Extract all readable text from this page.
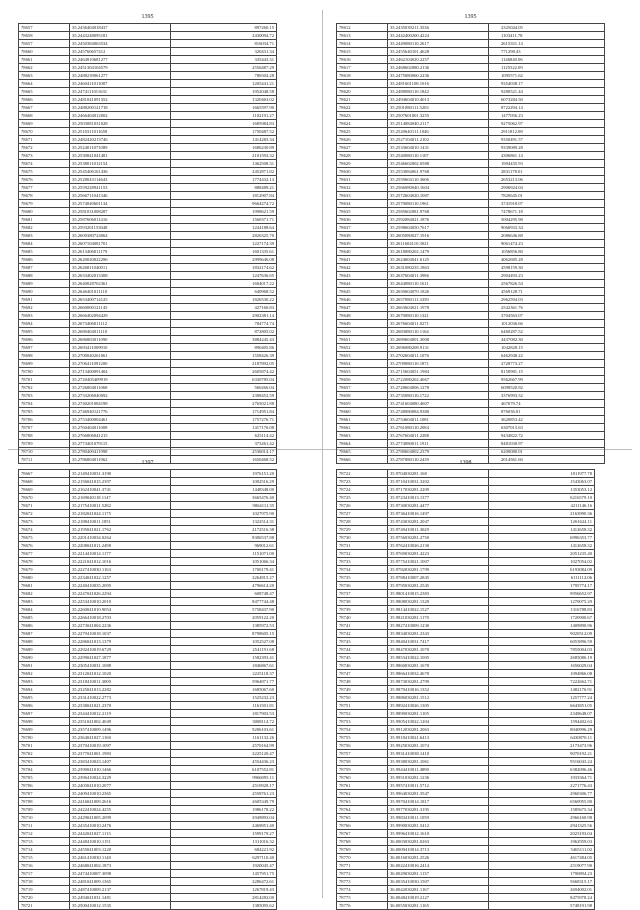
1395
78657	35.2436404018437	897260.15
78658	35.2443248095181	2430094.72
78657	35.2450384063534	816034.71
78660	35.245760657412	320431.34
78661	35.2464910681277	335443.31
78662	35.2451304104579	2556487.29
78663	35.2488239061277	786504.28
78664	35.2460411011087	1205441.21
78665	35.2474111011631	1952048.58
78666	35.2481041091352	1320463.02
78667	35.2488200121718	1665597.90
78668	35.2466404012002	1102191.27
78669	35.2503081031028	1685984.83
78670	35.2510311011658	1750487.52
78671	35.2482420213746	1414283.34
78672	35.2524011071089	1686230.89
78673	35.2530841041481	2101593.32
78674	35.2538011012154	1462508.31
78675	35.2545406161436	2452871.82
78676	35.2528043114643	1774432.13
78677	35.2559228941153	888489.21
78678	35.2566711041346	1812907.84
78679	35.2574040601134	9664274.72
78680	35.2581031008287	1998621.59
78681	35.2587606011416	1560371.71
78682	35.2593201153048	1244188.64
78683	35.2600380724064	2826325.70
78684	35.2607104081701	1227174.39
78685	35.2613406011179	1601335.61
78686	35.2620020022296	2999646.08
78687	35.2626811040011	1832174.62
78688	35.2633402013308	1247636.65
78689	35.2640028702361	1604017.22
78690	35.2646401011110	640968.52
78691	35.2653400714125	1826530.22
78692	35.2660000121145	427166.83
78693	35.2666402094429	2902381.14
78694	35.2673406011112	784774.74
78695	35.2680404011110	872805.02
78696	35.2686803011090	3884245.43
78697	35.2693411009910	890405.86
78698	35.2700040261061	1558426.39
78699	35.2706411091200	2187892.05
78700	35.2713400091404	2605874.42
78701	35.2720405409919	6330785.04
78702	35.2726804011068	560266.04
78703	35.2733206040092	2398452.59
78704	35.2740201084198	2765021.88
78705	35.2746940121776	1714951.84
78706	35.2753400004461	1757276.71
78707	35.2760404011008	1417176.08
78708	35.2766806041215	625114.42
78709	35.2773401079115	373261.42
78710	35.2780400411998	2536014.17
78711	35.2786804011962	1650468.52
1395
78612	35.2435039211.3536	2325044.05
78613	35.2442400200.4224	1103411.78
78614	35.2449080110.2617	2615351.14
78615	35.2455640101.4628	771298.43
78616	35.2462104020.2257	1146840.06
78617	35.2468602080.2136	1125522.09
78618	35.2475080060.2236	1095571.62
78619	35.2481601108.1016	9354038.17
78620	35.2488080110.1842	9280521.44
78621	35.2494604010.4013	6073284.50
78622	35.2501080111.5203	8722294.14
78623	35.2507601001.3255	1477056.23
78624	35.2514084040.2117	9275062.97
78625	35.2520640111.1046	2911812.08
78626	35.2527104011.2102	9350491.57
78627	35.2533604010.1431	9339089.28
78628	35.2540080110.1107	4306861.14
78629	35.2546602002.0588	1994435.93
78630	35.2553084061.9768	2831178.01
78631	35.2559604110.3606	2653213.06
78632	35.2566080040.1604	2906924.04
78633	35.2572604020.1087	7820645.01
78634	35.2579080110.1961	3741918.07
78635	35.2585602081.9768	7478671.18
78636	35.2592084021.1876	5004295.98
78637	35.2598604050.7617	9066933.34
78638	35.2605080027.1916	2086646.88
78639	35.2611604110.3021	9061474.23
78640	35.2618080202.1479	1056856.80
78641	35.2624604041.6125	4062685.28
78642	35.2631080235.1863	4598159.30
78643	35.2637604011.3986	2904493.23
78644	35.2644080110.1611	2567826.54
78645	35.2650604070.1826	4569128.71
78646	35.2657080111.3359	2962594.03
78647	35.2663604021.1978	2542361.76
78648	35.2670080110.1321	3704563.07
78649	35.2676604011.0271	1012036.66
78650	35.2683080110.1164	6460287.52
78651	35.2689604001.3008	4437082.30
78652	35.2696080208.9131	1042828.15
78653	35.2702604011.1076	6462948.22
78654	35.2709080110.1871	2728773.27
78655	35.2715604051.1984	8150981.15
78656	35.2722080202.4667	9562667.99
78657	35.2728604006.1278	6098520.92
78658	35.2735080110.1722	3376993.52
78659	35.2741604080.4607	467079.74
78660	35.2748080084.9380	876036.01
78661	35.2754604011.1081	3620853.42
78662	35.2761080110.2084	6307013.63
78663	35.2767604011.2288	9434822.72
78664	35.2774080011.1911	8481030.97
78665	35.2780604002.2379	6200080.01
78666	35.2787080110.2439	2014561.60
1397
78667	35.2149410031.3190	1976151.20
78668	35.2156041015.2397	1002516.29
78669	35.2162410041.3741	1448348.00
78670	35.2169040118.1147	3665476.40
78671	35.2175410011.5282	9064111.35
78672	35.2182041024.1175	1027975.90
78673	35.2188410011.1851	1322514.31
78674	35.2195041021.1762	2172516.38
78675	35.2201410034.0264	8306537.88
78676	35.2208041011.2498	969012.61
78677	35.2214410014.1177	1151071.00
78678	35.2221041012.1016	1051066.34
78679	35.2227410030.1163	1700179.41
78680	35.2234041022.1257	2264815.27
78681	35.2240410035.2095	4796614.20
78682	35.2247041026.2294	608748.47
78683	35.2253410010.2010	8477744.48
78684	35.2260041010.9054	5758437.90
78685	35.2266410018.2703	2059122.20
78686	35.2273041004.2236	1385972.53
78687	35.2279410018.1037	8798605.15
78688	35.2286041013.1379	1052527.08
78689	35.2292410019.6729	2541191.68
78690	35.2299041027.1877	1582393.41
78691	35.2305410031.1088	1846867.61
78692	35.2312041012.1020	2225118.37
78693	35.2318410011.3000	5964871.77
78694	35.2325041013.2282	1685067.60
78695	35.2331410022.2773	1525232.23
78696	35.2338041021.2370	1161501.81
78697	35.2344410012.2119	1817903.53
78698	35.2351041002.4049	3008114.72
78699	35.2357410009.1496	9206103.61
78700	35.2364041027.1160	1161132.26
78701	35.2370410019.1097	2570164.99
78702	35.2377041001.1983	2225120.47
78703	35.2383410023.1407	4554436.23
78704	35.2390041010.1466	6107552.81
78705	35.2396410024.3229	9966095.11
78706	35.2403041010.2077	2510928.17
78707	35.2409410010.2365	2558761.23
78708	35.2416041009.2616	2605349.79
78709	35.2422410024.4255	1986178.22
78710	35.2429041005.2099	2949893.04
78711	35.2435410010.2476	2469851.40
78712	35.2442041027.1113	1599179.27
78713	35.2448410010.1151	1311016.32
78714	35.2455041003.1220	684221.92
78715	35.2461410030.1140	6297110.40
78716	35.2468041002.1873	1920045.47
78717	35.2474410007.3098	1457951.75
78718	35.2481041009.1365	2286472.61
78719	35.2487410009.2137	1267819.43
78720	35.2494041031.1481	2814282.00
78721	35.2500410012.1535	1385095.62
1398
78722	35.9704030281.168	1811977.78
78723	35.9710410031.3202	1543063.07
78724	35.9717030281.2209	1353053.12
78725	35.9723410013.1377	6216579.10
78726	35.9730030281.4477	4211146.16
78727	35.9736410016.1497	2163990.36
78728	35.9743030281.2047	1261624.11
78729	35.9749410011.3029	1412658.32
78730	35.9756030281.2750	6996353.77
78731	35.9762410026.2130	1412658.32
78732	35.9769030281.4223	2051235.40
78733	35.9775410021.1007	1027054.02
78734	35.9782030281.1799	6193084.09
78735	35.9788410007.2845	6111112.06
78736	35.9795030281.2545	1795774.17
78737	35.9801410015.2383	9956652.97
78738	35.9808030281.1329	1270075.29
78739	35.9814410022.1527	1316788.83
78740	35.9821030281.1170	1720900.67
78741	35.9827410009.1230	1409890.96
78742	35.9834030281.2343	9020512.09
78743	35.9840410031.7417	6053896.59
78744	35.9847030281.1070	7855004.03
78745	35.9853410022.1005	2685086.19
78746	35.9860030281.1678	1656029.04
78747	35.9866410032.4678	1094866.08
78748	35.9873030281.2799	7222662.71
78749	35.9879410016.1352	1482176.91
78750	35.9886030281.1512	1257777.24
78751	35.9892410026.1305	6643851.05
78752	35.9899030281.1105	2349648.07
78753	35.9905410022.1204	1594402.63
78754	35.9912030281.2063	8040996.29
78755	35.9918410021.6413	6430870.11
78756	35.9925030281.1074	2173473.96
78757	35.9931410038.1410	9070192.21
78758	35.9938030281.1061	9516043.24
78759	35.9944410011.4890	6382096.46
78760	35.9951030281.1236	1933364.71
78761	35.9957410011.5712	2271776.43
78762	35.9964030281.3547	2960306.77
78763	35.9970410014.1817	6560955.80
78764	35.9977030281.3195	1585675.34
78765	35.9983410011.1059	2966160.98
78766	35.9990030281.5412	2941325.56
78767	35.9996410012.1610	2023193.04
78768	36.0003030281.0263	1962959.03
78769	36.0009410014.3713	5465111.02
78770	36.0016030281.2526	4617484.05
78771	36.0022410016.2414	2519077.90
78772	36.0029030281.1137	1790894.23
78773	36.0035410030.1507	5668315.17
78774	36.0042030281.1167	2694002.01
78775	36.0048410019.2127	8475978.24
78776	36.0055030281.1165	5748191.98
